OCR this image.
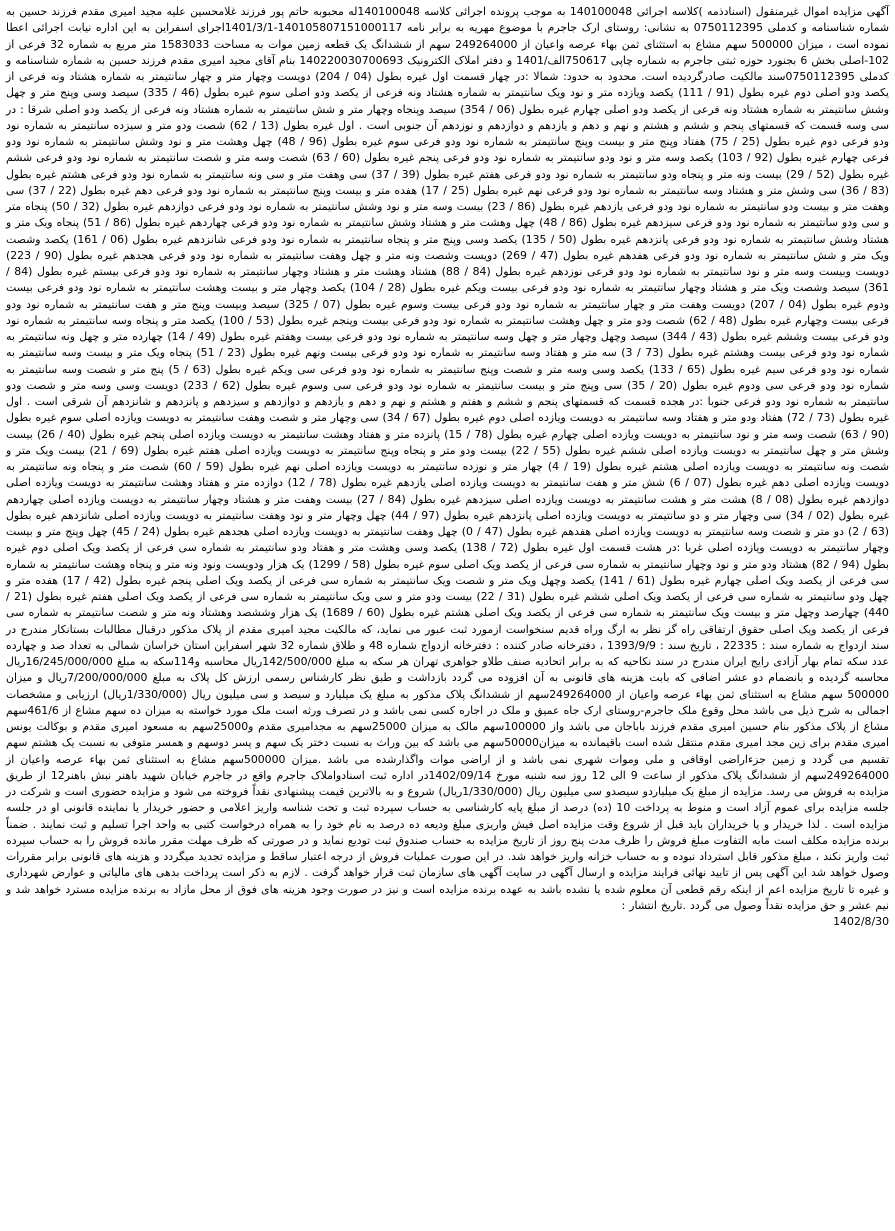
آگهی مزایده اموال غیرمنقول (اسنادذمه )کلاسه اجرائی 140100048 به موجب پرونده اجرائی کلاسه 140100048له محبوبه حاتم پور فرزند غلامحسین علیه مجید امیری مقدم فرزند حسین به شماره شناسنامه و کدملی 0750112395 به نشانی: روستای ارک جاجرم با موضوع مهریه به برابر نامه 140105807151000117-1401/3/1اجرای اسفراین به این اداره نیابت اجرائی اعطا نموده است ، میزان 500000 سهم مشاع به استثنای ثمن بهاء عرصه واعیان از 249264000 سهم از ششدانگ یک قطعه زمین موات به مساحت 1583033 متر مربع به شماره 32 فرعی از 102-اصلی بخش 6 بجنورد حوزه ثبتی جاجرم به شماره چاپی 750617الف/1401 و دفتر املاک الکترونیک 140220030700693 بنام آقای مجید امیری مقدم فرزند حسین به شماره شناسنامه و کدملی 0750112395سند مالکیت صادرگردیده است. محدود به حدود: شمالا :در چهار قسمت اول غیره بطول (04 / 204) دویست وچهار متر و چهار سانتیمتر به شماره هشتاد ونه فرعی از یکصد ودو اصلی دوم غیره بطول (91 / 111) یکصد ویازده متر و نود ویک سانتیمتر به شماره هشتاد ونه فرعی از یکصد ودو اصلی سوم غیره بطول (46 / 335) سیصد وسی وپنج متر و چهل وشش سانتیمتر به شماره هشتاد ونه فرعی از یکصد ودو اصلی چهارم غیره بطول (06 / 354) سیصد وپنجاه وچهار متر و شش سانتیمتر به شماره هشتاد ونه فرعی از یکصد ودو اصلی شرقا : در سی وسه قسمت که قسمتهای پنجم و ششم و هشتم و نهم و دهم و یازدهم و دوازدهم و نوزدهم آن جنوبی است . اول غیره بطول (13 / 62) شصت ودو متر و سیزده سانتیمتر به شماره نود ودو فرعی دوم غیره بطول (25 / 75) هفتاد وپنج متر و بیست وپنج سانتیمتر به شماره نود ودو فرعی سوم غیره بطول (96 / 48) چهل وهشت متر و نود وشش سانتیمتر به شماره نود ودو فرعی چهارم غیره بطول (92 / 103) یکصد وسه متر و نود ودو سانتیمتر به شماره نود ودو فرعی پنجم غیره بطول (60 / 63) شصت وسه متر و شصت سانتیمتر به شماره نود ودو فرعی ششم غیره بطول (52 / 29) بیست ونه متر و پنجاه ودو سانتیمتر به شماره نود ودو فرعی هفتم غیره بطول (39 / 37) سی وهفت متر و سی ونه سانتیمتر به شماره نود ودو فرعی هشتم غیره بطول (83 / 36) سی وشش متر و هشتاد وسه سانتیمتر به شماره نود ودو فرعی نهم غیره بطول (25 / 17) هفده متر و بیست وپنج سانتیمتر به شماره نود ودو فرعی دهم غیره بطول (22 / 37) سی وهفت متر و بیست ودو سانتیمتر به شماره نود ودو فرعی یازدهم غیره بطول (86 / 23) بیست وسه متر و نود وشش سانتیمتر به شماره نود ودو فرعی دوازدهم غیره بطول (32 / 50) پنجاه متر و سی ودو سانتیمتر به شماره نود ودو فرعی سیزدهم غیره بطول (86 / 48) چهل وهشت متر و هشتاد وشش سانتیمتر به شماره نود ودو فرعی چهاردهم غیره بطول (86 / 51) پنجاه ویک متر و هشتاد وشش سانتیمتر به شماره نود ودو فرعی پانزدهم غیره بطول (50 / 135) یکصد وسی وپنج متر و پنجاه سانتیمتر به شماره نود ودو فرعی شانزدهم غیره بطول (06 / 161) یکصد وشصت ویک متر و شش سانتیمتر به شماره نود ودو فرعی هفدهم غیره بطول (47 / 269) دویست وشصت ونه متر و چهل وهفت سانتیمتر به شماره نود ودو فرعی هجدهم غیره بطول (90 / 223) دویست وبیست وسه متر و نود سانتیمتر به شماره نود ودو فرعی نوزدهم غیره بطول (84 / 88) هشتاد وهشت متر و هشتاد وچهار سانتیمتر به شماره نود ودو فرعی بیستم غیره بطول (84 / 361) سیصد وشصت ویک متر و هشتاد وچهار سانتیمتر به شماره نود ودو فرعی بیست ویکم غیره بطول (28 / 104) یکصد وچهار متر و بیست وهشت سانتیمتر به شماره نود ودو فرعی بیست ودوم غیره بطول (04 / 207) دویست وهفت متر و چهار سانتیمتر به شماره نود ودو فرعی بیست وسوم غیره بطول (07 / 325) سیصد وبیست وپنج متر و هفت سانتیمتر به شماره نود ودو فرعی بیست وچهارم غیره بطول (48 / 62) شصت ودو متر و چهل وهشت سانتیمتر به شماره نود ودو فرعی بیست وپنجم غیره بطول (53 / 100) یکصد متر و پنجاه وسه سانتیمتر به شماره نود ودو فرعی بیست وششم غیره بطول (43 / 344) سیصد وچهل وچهار متر و چهل وسه سانتیمتر به شماره نود ودو فرعی بیست وهفتم غیره بطول (49 / 14) چهارده متر و چهل ونه سانتیمتر به شماره نود ودو فرعی بیست وهشتم غیره بطول (73 / 3) سه متر و هفتاد وسه سانتیمتر به شماره نود ودو فرعی بیست ونهم غیره بطول (23 / 51) پنجاه ویک متر و بیست وسه سانتیمتر به شماره نود ودو فرعی سیم غیره بطول (65 / 133) یکصد وسی وسه متر و شصت وپنج سانتیمتر به شماره نود ودو فرعی سی ویکم غیره بطول (63 / 5) پنج متر و شصت وسه سانتیمتر به شماره نود ودو فرعی سی ودوم غیره بطول (20 / 35) سی وپنج متر و بیست سانتیمتر به شماره نود ودو فرعی سی وسوم غیره بطول (62 / 233) دویست وسی وسه متر و شصت ودو سانتیمتر به شماره نود ودو فرعی جنوبا :در هجده قسمت که قسمتهای پنجم و ششم و هفتم و هشتم و نهم و دهم و یازدهم و دوازدهم و سیزدهم و پانزدهم و شانزدهم آن شرقی است . اول غیره بطول (73 / 72) هفتاد ودو متر و هفتاد وسه سانتیمتر به دویست ویازده اصلی دوم غیره بطول (67 / 34) سی وچهار متر و شصت وهفت سانتیمتر به دویست ویازده اصلی سوم غیره بطول (90 / 63) شصت وسه متر و نود سانتیمتر به دویست ویازده اصلی چهارم غیره بطول (78 / 15) پانزده متر و هفتاد وهشت سانتیمتر به دویست ویازده اصلی پنجم غیره بطول (40 / 26) بیست وشش متر و چهل سانتیمتر به دویست ویازده اصلی ششم غیره بطول (55 / 22) بیست ودو متر و پنجاه وپنج سانتیمتر به دویست ویازده اصلی هفتم غیره بطول (69 / 21) بیست ویک متر و شصت ونه سانتیمتر به دویست ویازده اصلی هشتم غیره بطول (19 / 4) چهار متر و نوزده سانتیمتر به دویست ویازده اصلی نهم غیره بطول (59 / 60) شصت متر و پنجاه ونه سانتیمتر به دویست ویازده اصلی دهم غیره بطول (07 / 6) شش متر و هفت سانتیمتر به دویست ویازده اصلی یازدهم غیره بطول (78 / 12) دوازده متر و هفتاد وهشت سانتیمتر به دویست ویازده اصلی دوازدهم غیره بطول (08 / 8) هشت متر و هشت سانتیمتر به دویست ویازده اصلی سیزدهم غیره بطول (84 / 27) بیست وهفت متر و هشتاد وچهار سانتیمتر به دویست ویازده اصلی چهاردهم غیره بطول (02 / 34) سی وچهار متر و دو سانتیمتر به دویست ویازده اصلی پانزدهم غیره بطول (97 / 44) چهل وچهار متر و نود وهفت سانتیمتر به دویست ویازده اصلی شانزدهم غیره بطول (63 / 2) دو متر و شصت وسه سانتیمتر به دویست ویازده اصلی هفدهم غیره بطول (47 / 0) چهل وهفت سانتیمتر به دویست ویازده اصلی هجدهم غیره بطول (24 / 45) چهل وپنج متر و بیست وچهار سانتیمتر به دویست ویازده اصلی غربا :در هشت قسمت اول غیره بطول (72 / 138) یکصد وسی وهشت متر و هفتاد ودو سانتیمتر به شماره سی فرعی از یکصد ویک اصلی دوم غیره بطول (94 / 82) هشتاد ودو متر و نود وچهار سانتیمتر به شماره سی فرعی از یکصد ویک اصلی سوم غیره بطول (58 / 1299) یک هزار ودویست ونود ونه متر و پنجاه وهشت سانتیمتر به شماره سی فرعی از یکصد ویک اصلی چهارم غیره بطول (61 / 141) یکصد وچهل ویک متر و شصت ویک سانتیمتر به شماره سی فرعی از یکصد ویک اصلی پنجم غیره بطول (42 / 17) هفده متر و چهل ودو سانتیمتر به شماره سی فرعی از یکصد ویک اصلی ششم غیره بطول (31 / 22) بیست ودو متر و سی ویک سانتیمتر به شماره سی فرعی از یکصد ویک اصلی هفتم غیره بطول (21 / 440) چهارصد وچهل متر و بیست ویک سانتیمتر به شماره سی فرعی از یکصد ویک اصلی هشتم غیره بطول (60 / 1689) یک هزار وششصد وهشتاد ونه متر و شصت سانتیمتر به شماره سی فرعی از یکصد ویک اصلی حقوق ارتفاقی راه گز نظر به ارگ وراه قدیم سنخواست ازمورد ثبت عبور می نماید، که مالکیت مجید امیری مقدم از پلاک مذکور درقبال مطالبات بستانکار مندرج در سند ازدواج به شماره سند : 22335 ، تاریخ سند : 1393/9/9 ، دفترخانه صادر کننده : دفترخانه ازدواج شماره 48 و طلاق شماره 32 شهر اسفراین استان خراسان شمالی به تعداد صد و چهارده عدد سکه تمام بهار آزادی رایج ایران مندرج در سند نکاحیه که به برابر اتحادیه صنف طلاو جواهری تهران هر سکه به مبلغ 142/500/000ریال محاسبه و114سکه به مبلغ 16/245/000/000ریال محاسبه گردیده و بانضمام دو عشر اضافی که بابت هزینه های قانونی به آن افزوده می گردد بازداشت و طبق نظر کارشناس رسمی ارزش کل پلاک به مبلغ 7/200/000/000ریال و میزان 500000 سهم مشاع به استثنای ثمن بهاء عرصه واعیان از 249264000سهم از ششدانگ پلاک مذکور به مبلغ یک میلیارد و سیصد و سی میلیون ریال (1/330/000ریال) ارزیابی و مشخصات اجمالی به شرح ذیل می باشد محل وقوع ملک جاجرم-روستای ارک جاه عمیق و ملک در اجاره کسی نمی باشد و در تصرف ورثه است ملک مورد خواسته به میزان ده سهم مشاع از 461/6سهم مشاع از پلاک مذکور بنام حسین امیری مقدم فرزند باباجان می باشد واز 100000سهم مالک به میزان 25000سهم به مجدامیری مقدم و25000سهم به مسعود امیری مقدم و بوکالت یونس امیری مقدم برای زین مجد امیری مقدم منتقل شده است باقیمانده به میزان50000سهم می باشد که بین وراث به نسبت دختر یک سهم و پسر دوسهم و همسر متوفی به نسبت یک هشتم سهم تقسیم می گردد و زمین جزءاراضی اوقافی و ملی وموات شهری نمی باشد و از اراضی موات واگذارشده می باشد .میزان 500000سهم مشاع به استثنای ثمن بهاء عرصه واعیان از 249264000سهم از ششدانگ پلاک مذکور از ساعت 9 الی 12 روز سه شنبه مورخ 1402/09/14در اداره ثبت اسنادواملاک جاجرم واقع در جاجرم خیابان شهید باهنر نبش باهنر12 از طریق مزایده به فروش می رسد. مزایده از مبلغ یک میلیاردو سیصدو سی میلیون ریال (1/330/000ریال) شروع و به بالاترین قیمت پیشنهادی نقداً فروخته می شود و مزایده حضوری است و شرکت در جلسه مزایده برای عموم آزاد است و منوط به پرداخت 10 (ده) درصد از مبلغ پایه کارشناسی به حساب سپرده ثبت و تحت شناسه واریز اعلامی و حضور خریدار یا نماینده قانونی او در جلسه مزایده است . لذا خریدار و یا خریداران باید قبل از شروع وقت مزایده اصل فیش واریزی مبلغ ودیعه ده درصد به نام خود را به همراه درخواست کتبی به واحد اجرا تسلیم و ثبت نمایند . ضمناً برنده مزایده مکلف است مابه التفاوت مبلغ فروش را ظرف مدت پنج روز از تاریخ مزایده به حساب صندوق ثبت تودیع نماید و در صورتی که ظرف مهلت مقرر مانده فروش را به حساب سپرده ثبت واریز نکند ، مبلغ مذکور قابل استرداد نبوده و به حساب خزانه واریز خواهد شد. در این صورت عملیات فروش از درجه اعتبار ساقط و مزایده تجدید میگردد و هزینه های قانونی برابر مقررات وصول خواهد شد این آگهی پس از تایید نهائی فرایند مزایده و ارسال آگهی در سایت آگهی های سازمان ثبت قرار خواهد گرفت . لازم به ذکر است پرداخت بدهی های مالیاتی و عوارض شهرداری و غیره تا تاریخ مزایده اعم از اینکه رقم قطعی آن معلوم شده یا نشده باشد به عهده برنده مزایده است و نیز در صورت وجود هزینه های فوق از محل مازاد به برنده مزایده مسترد خواهد شد و نیم عشر و حق مزایده نقداً وصول می گردد .تاریخ انتشار :

1402/8/30
